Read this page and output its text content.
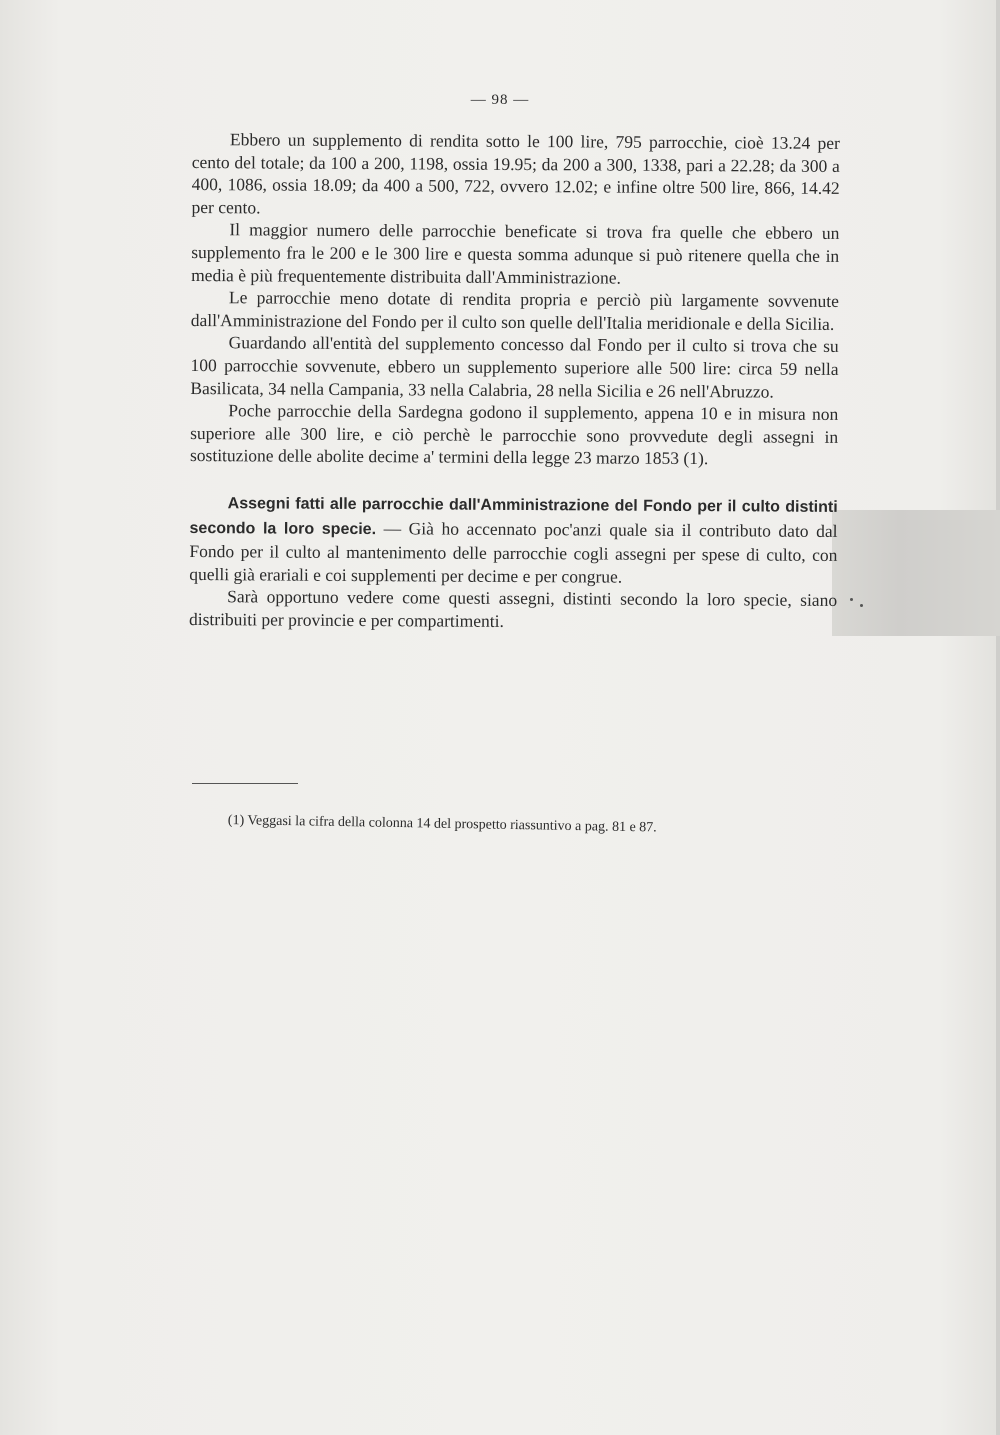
— 98 —

Ebbero un supplemento di rendita sotto le 100 lire, 795 parrocchie, cioè 13.24 per cento del totale; da 100 a 200, 1198, ossia 19.95; da 200 a 300, 1338, pari a 22.28; da 300 a 400, 1086, ossia 18.09; da 400 a 500, 722, ovvero 12.02; e infine oltre 500 lire, 866, 14.42 per cento.

Il maggior numero delle parrocchie beneficate si trova fra quelle che ebbero un supplemento fra le 200 e le 300 lire e questa somma adunque si può ritenere quella che in media è più frequentemente distribuita dall'Amministrazione.

Le parrocchie meno dotate di rendita propria e perciò più largamente sovvenute dall'Amministrazione del Fondo per il culto son quelle dell'Italia meridionale e della Sicilia.

Guardando all'entità del supplemento concesso dal Fondo per il culto si trova che su 100 parrocchie sovvenute, ebbero un supplemento superiore alle 500 lire: circa 59 nella Basilicata, 34 nella Campania, 33 nella Calabria, 28 nella Sicilia e 26 nell'Abruzzo.

Poche parrocchie della Sardegna godono il supplemento, appena 10 e in misura non superiore alle 300 lire, e ciò perchè le parrocchie sono provvedute degli assegni in sostituzione delle abolite decime a' termini della legge 23 marzo 1853 (1).

Assegni fatti alle parrocchie dall'Amministrazione del Fondo per il culto distinti secondo la loro specie. — Già ho accennato poc'anzi quale sia il contributo dato dal Fondo per il culto al mantenimento delle parrocchie cogli assegni per spese di culto, con quelli già erariali e coi supplementi per decime e per congrue.

Sarà opportuno vedere come questi assegni, distinti secondo la loro specie, siano distribuiti per provincie e per compartimenti.

(1) Veggasi la cifra della colonna 14 del prospetto riassuntivo a pag. 81 e 87.
